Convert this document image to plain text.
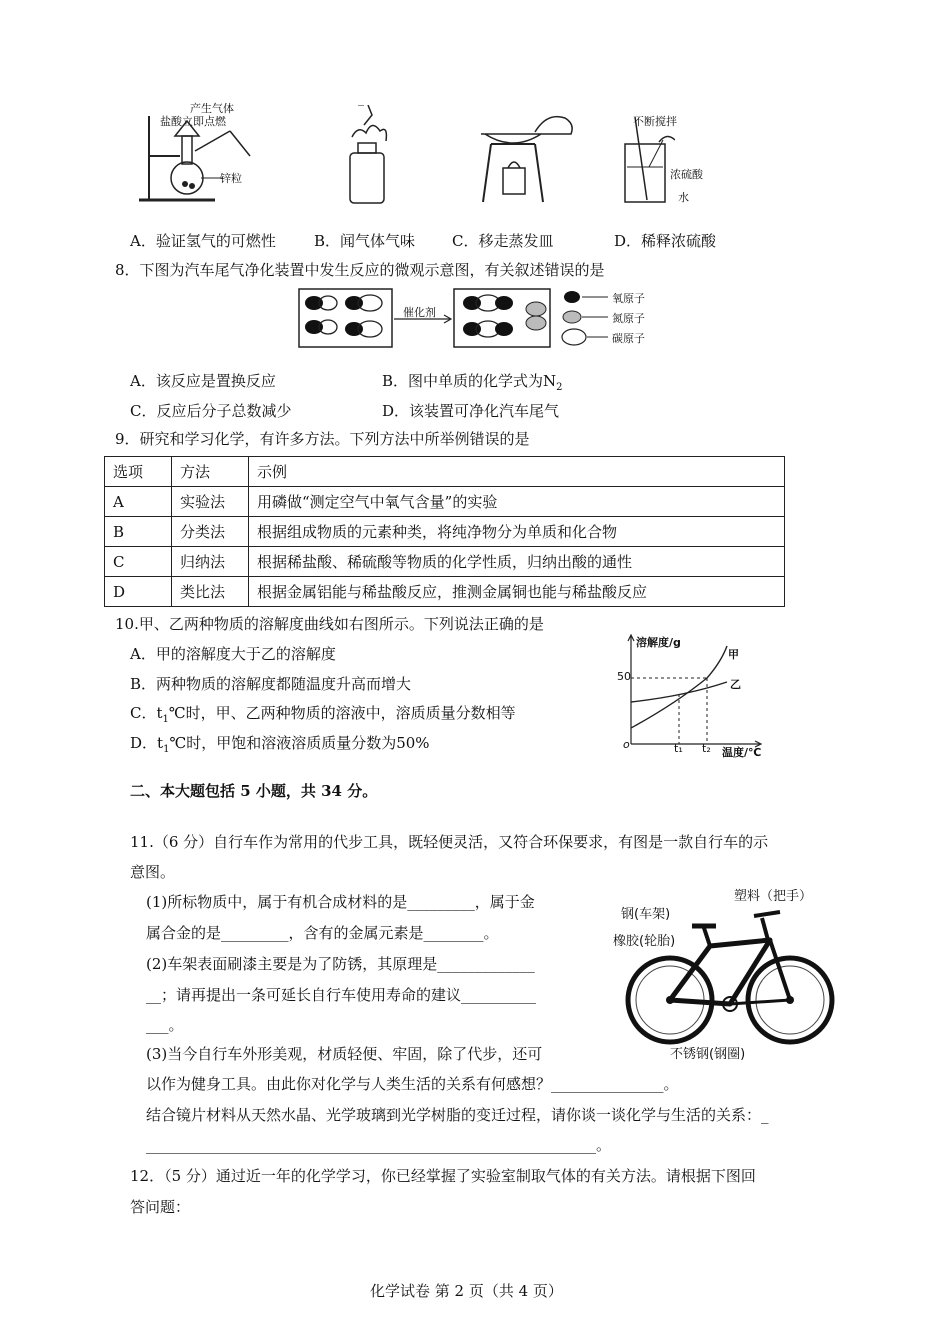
产生气体
盐酸立即点燃
锌粒
不断搅拌
浓硫酸
水
A．验证氢气的可燃性	B．闻气体气味 C．移走蒸发皿	D．稀释浓硫酸
8．下图为汽车尾气净化装置中发生反应的微观示意图，有关叙述错误的是
催化剂
氧原子
氮原子
碳原子
A．该反应是置换反应	B．图中单质的化学式为$N_2$
C．反应后分子总数减少	D．该装置可净化汽车尾气
9．研究和学习化学，有许多方法。下列方法中所举例错误的是
选项	方法	示例
A	实验法	用磷做“测定空气中氧气含量”的实验
B	分类法	根据组成物质的元素种类，将纯净物分为单质和化合物
C	归纳法	根据稀盐酸、稀硫酸等物质的化学性质，归纳出酸的通性
D	类比法	根据金属铝能与稀盐酸反应，推测金属铜也能与稀盐酸反应
10.甲、乙两种物质的溶解度曲线如右图所示。下列说法正确的是
A．甲的溶解度大于乙的溶解度
B．两种物质的溶解度都随温度升高而增大
C．$t_1℃$时，甲、乙两种物质的溶液中，溶质质量分数相等
D．$t_1℃$时，甲饱和溶液溶质质量分数为50%
溶解度/g
甲
乙
50
o	t₁ t₂ 温度/℃
二、本大题包括 5 小题，共 34 分。
11.（6 分）自行车作为常用的代步工具，既轻便灵活，又符合环保要求，有图是一款自行车的示
意图。
(1)所标物质中，属于有机合成材料的是_________，属于金
属合金的是_________，含有的金属元素是________。
(2)车架表面刷漆主要是为了防锈，其原理是_____________
__；请再提出一条可延长自行车使用寿命的建议__________
___。
(3)当今自行车外形美观，材质轻便、牢固，除了代步，还可
以作为健身工具。由此你对化学与人类生活的关系有何感想？_______________。
结合镜片材料从天然水晶、光学玻璃到光学树脂的变迁过程，请你谈一谈化学与生活的关系：_
____________________________________________________________。
塑料（把手）
钢(车架)
橡胶(轮胎)
不锈钢(钢圈)
12．（5 分）通过近一年的化学学习，你已经掌握了实验室制取气体的有关方法。请根据下图回
答问题：
化学试卷 第 2 页（共 4 页）
